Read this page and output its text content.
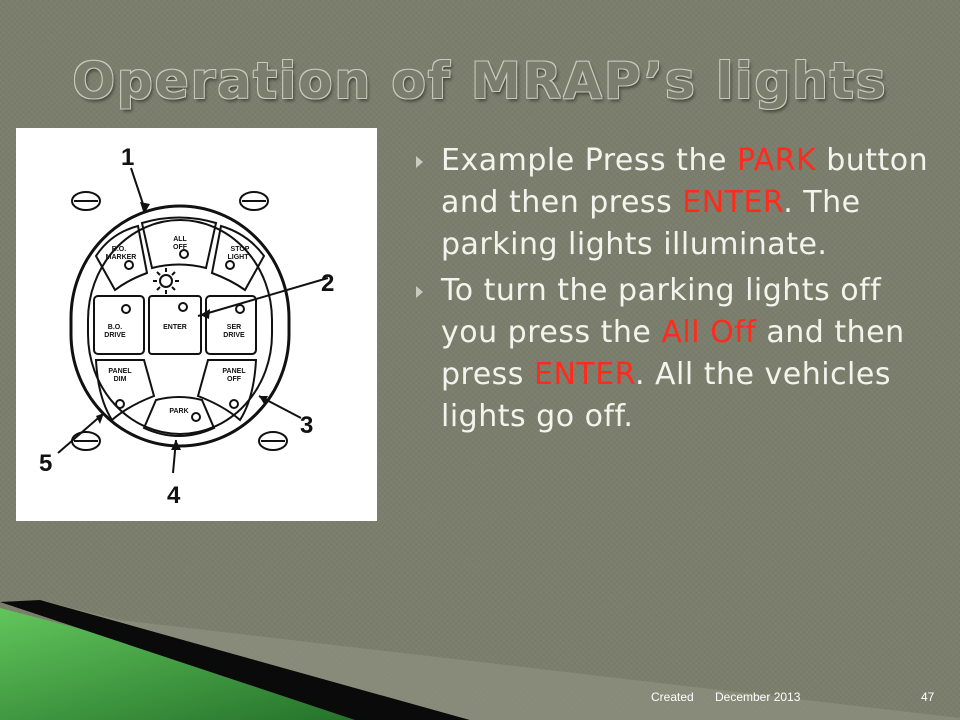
Operation of MRAP’s lights
ALL
OFF
B.O.
MARKER
STOP
LIGHT
B.O.
DRIVE
ENTER	SER
DRIVE
PANEL
DIM
PANEL
OFF
PARK
1
2
3
4
5
Example Press the PARK button and then press ENTER. The parking lights illuminate.
To turn the parking lights off you press the All Off and then press ENTER. All the vehicles lights go off.
Created December 2013	47
